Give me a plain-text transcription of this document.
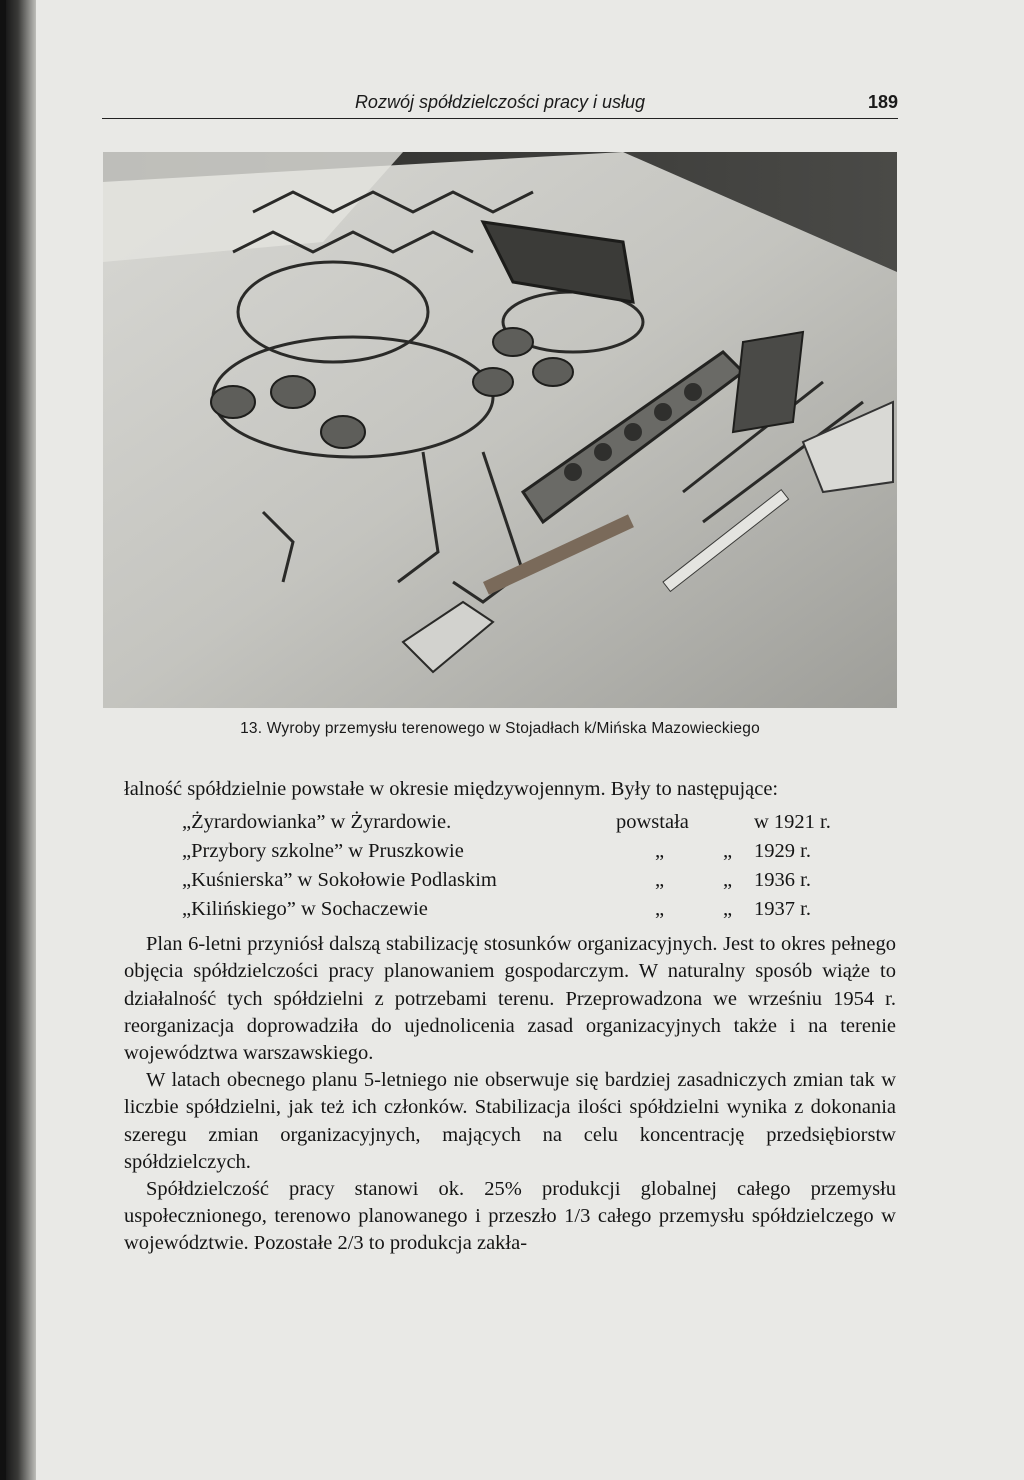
Rozwój spółdzielczości pracy i usług	189
13. Wyroby przemysłu terenowego w Stojadłach k/Mińska Mazowieckiego

łalność spółdzielnie powstałe w okresie międzywojennym. Były to następujące:

„Żyrardowianka” w Żyrardowie.	powstała	w 1921 r.
„Przybory szkolne” w Pruszkowie	„	„ 1929 r.
„Kuśnierska” w Sokołowie Podlaskim	„	„ 1936 r.
„Kilińskiego” w Sochaczewie	„	„ 1937 r.

Plan 6-letni przyniósł dalszą stabilizację stosunków organizacyjnych. Jest to okres pełnego objęcia spółdzielczości pracy planowaniem gospodarczym. W naturalny sposób wiąże to działalność tych spółdzielni z potrzebami terenu. Przeprowadzona we wrześniu 1954 r. reorganizacja doprowadziła do ujednolicenia zasad organizacyjnych także i na terenie województwa warszawskiego.

W latach obecnego planu 5-letniego nie obserwuje się bardziej zasadniczych zmian tak w liczbie spółdzielni, jak też ich członków. Stabilizacja ilości spółdzielni wynika z dokonania szeregu zmian organizacyjnych, mających na celu koncentrację przedsiębiorstw spółdzielczych.

Spółdzielczość pracy stanowi ok. 25% produkcji globalnej całego przemysłu uspołecznionego, terenowo planowanego i przeszło 1/3 całego przemysłu spółdzielczego w województwie. Pozostałe 2/3 to produkcja zakła-
